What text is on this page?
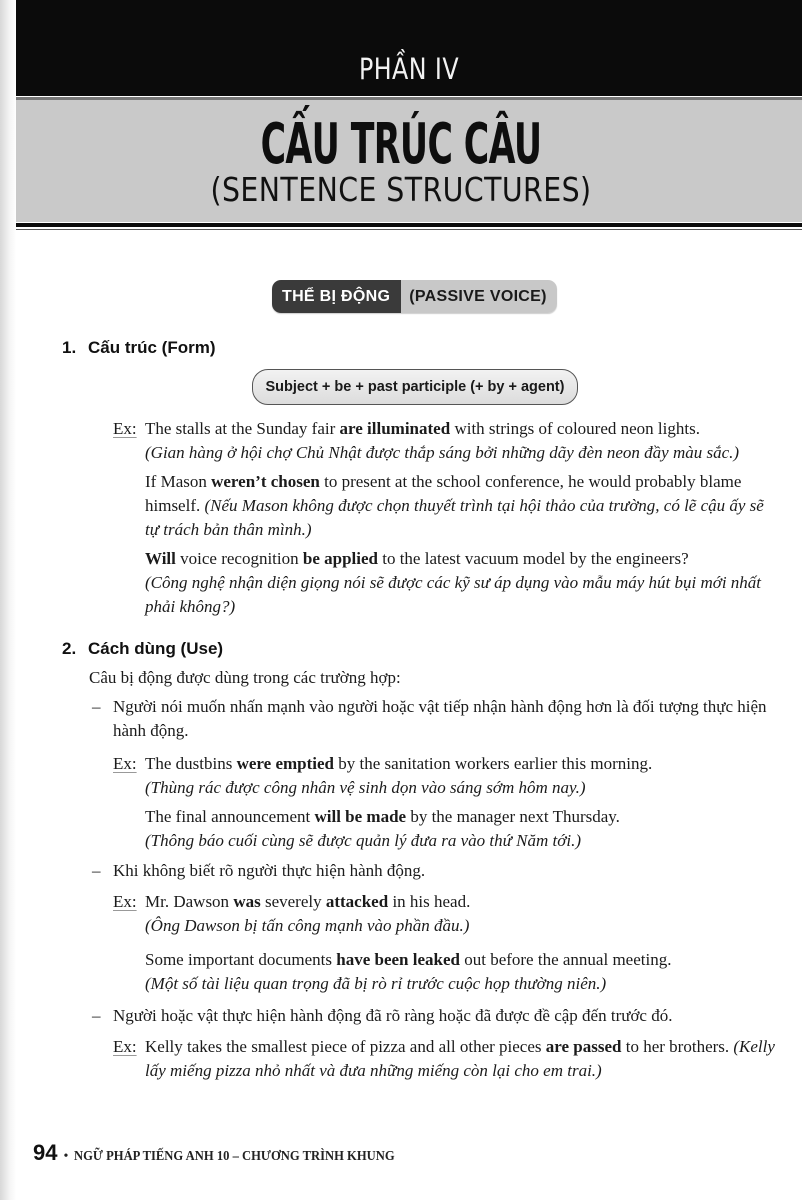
PHẦN IV
CẤU TRÚC CÂU
(SENTENCE STRUCTURES)
THỂ BỊ ĐỘNG	(PASSIVE VOICE)
1. Cấu trúc (Form)
Subject + be + past participle (+ by + agent)
Ex: The stalls at the Sunday fair are illuminated with strings of coloured neon lights.
(Gian hàng ở hội chợ Chủ Nhật được thắp sáng bởi những dãy đèn neon đầy màu sắc.)
If Mason weren’t chosen to present at the school conference, he would probably blame himself. (Nếu Mason không được chọn thuyết trình tại hội thảo của trường, có lẽ cậu ấy sẽ tự trách bản thân mình.)
Will voice recognition be applied to the latest vacuum model by the engineers?
(Công nghệ nhận diện giọng nói sẽ được các kỹ sư áp dụng vào mẫu máy hút bụi mới nhất phải không?)
2. Cách dùng (Use)
Câu bị động được dùng trong các trường hợp:
– Người nói muốn nhấn mạnh vào người hoặc vật tiếp nhận hành động hơn là đối tượng thực hiện hành động.
Ex: The dustbins were emptied by the sanitation workers earlier this morning.
(Thùng rác được công nhân vệ sinh dọn vào sáng sớm hôm nay.)
The final announcement will be made by the manager next Thursday.
(Thông báo cuối cùng sẽ được quản lý đưa ra vào thứ Năm tới.)
– Khi không biết rõ người thực hiện hành động.
Ex: Mr. Dawson was severely attacked in his head.
(Ông Dawson bị tấn công mạnh vào phần đầu.)
Some important documents have been leaked out before the annual meeting.
(Một số tài liệu quan trọng đã bị rò rỉ trước cuộc họp thường niên.)
– Người hoặc vật thực hiện hành động đã rõ ràng hoặc đã được đề cập đến trước đó.
Ex: Kelly takes the smallest piece of pizza and all other pieces are passed to her brothers. (Kelly lấy miếng pizza nhỏ nhất và đưa những miếng còn lại cho em trai.)
94 • NGỮ PHÁP TIẾNG ANH 10 – CHƯƠNG TRÌNH KHUNG
